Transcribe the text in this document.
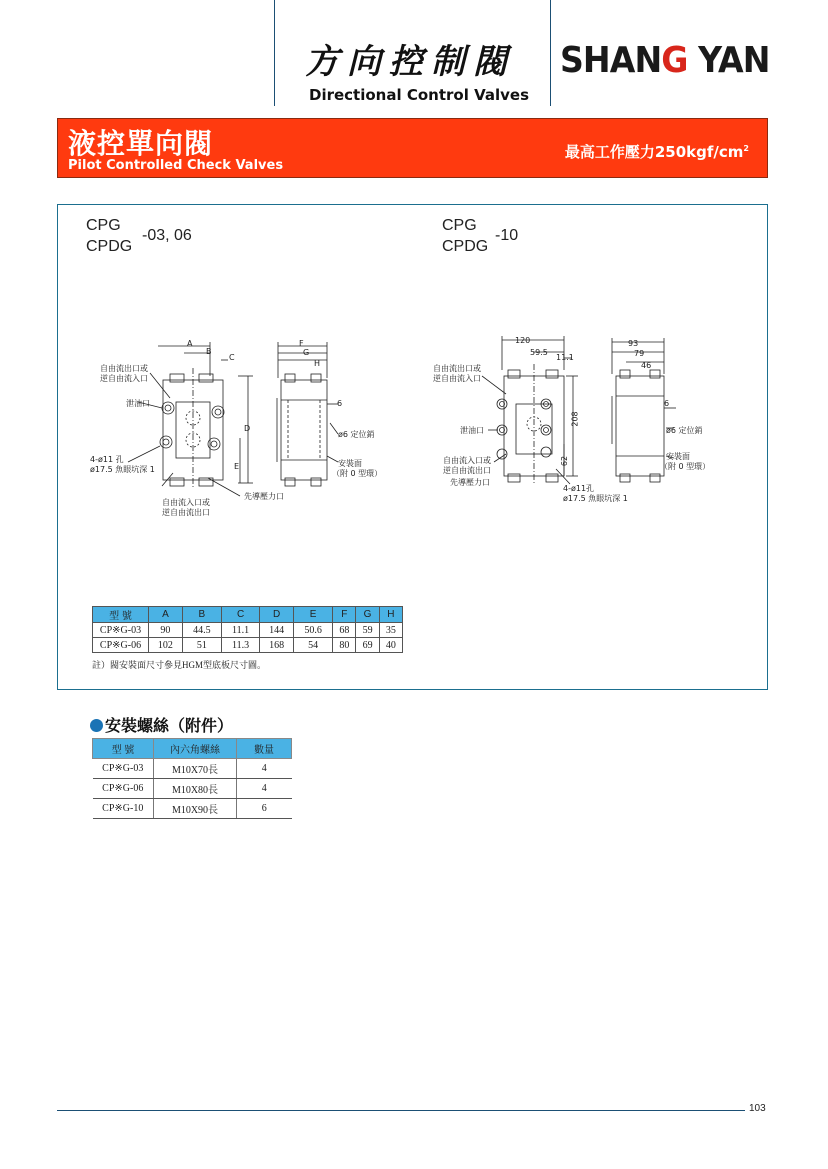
方向控制閥
Directional Control Valves
SHANG YAN
液控單向閥
Pilot Controlled Check Valves
最高工作壓力$250kgf/cm^2$
CPG
CPDG
-03, 06
CPG
CPDG
-10
A
B
C
D
E
F
G
H
6
自由流出口或
逆自由流入口
泄油口
4-ø11 孔
ø17.5 魚眼坑深 1
自由流入口或
逆自由流出口
先導壓力口
ø6 定位銷
安裝面
（附 0 型環）
120
59.5
11.1
93
79
46
208
62
6
自由流出口或
逆自由流入口
泄油口
自由流入口或
逆自由流出口
先導壓力口
4-ø11孔
ø17.5 魚眼坑深 1
ø6 定位銷
安裝面
（附 0 型環）
型 號	A	B	C	D	E	F	G	H
CP※G-03	90	44.5	11.1	144	50.6	68	59	35
CP※G-06	102	51	11.3	168	54	80	69	40
註）閥安裝面尺寸參見HGM型底板尺寸圖。
安裝螺絲（附件）
型 號	內六角螺絲	數量
CP※G-03	M10X70長	4
CP※G-06	M10X80長	4
CP※G-10	M10X90長	6
103
